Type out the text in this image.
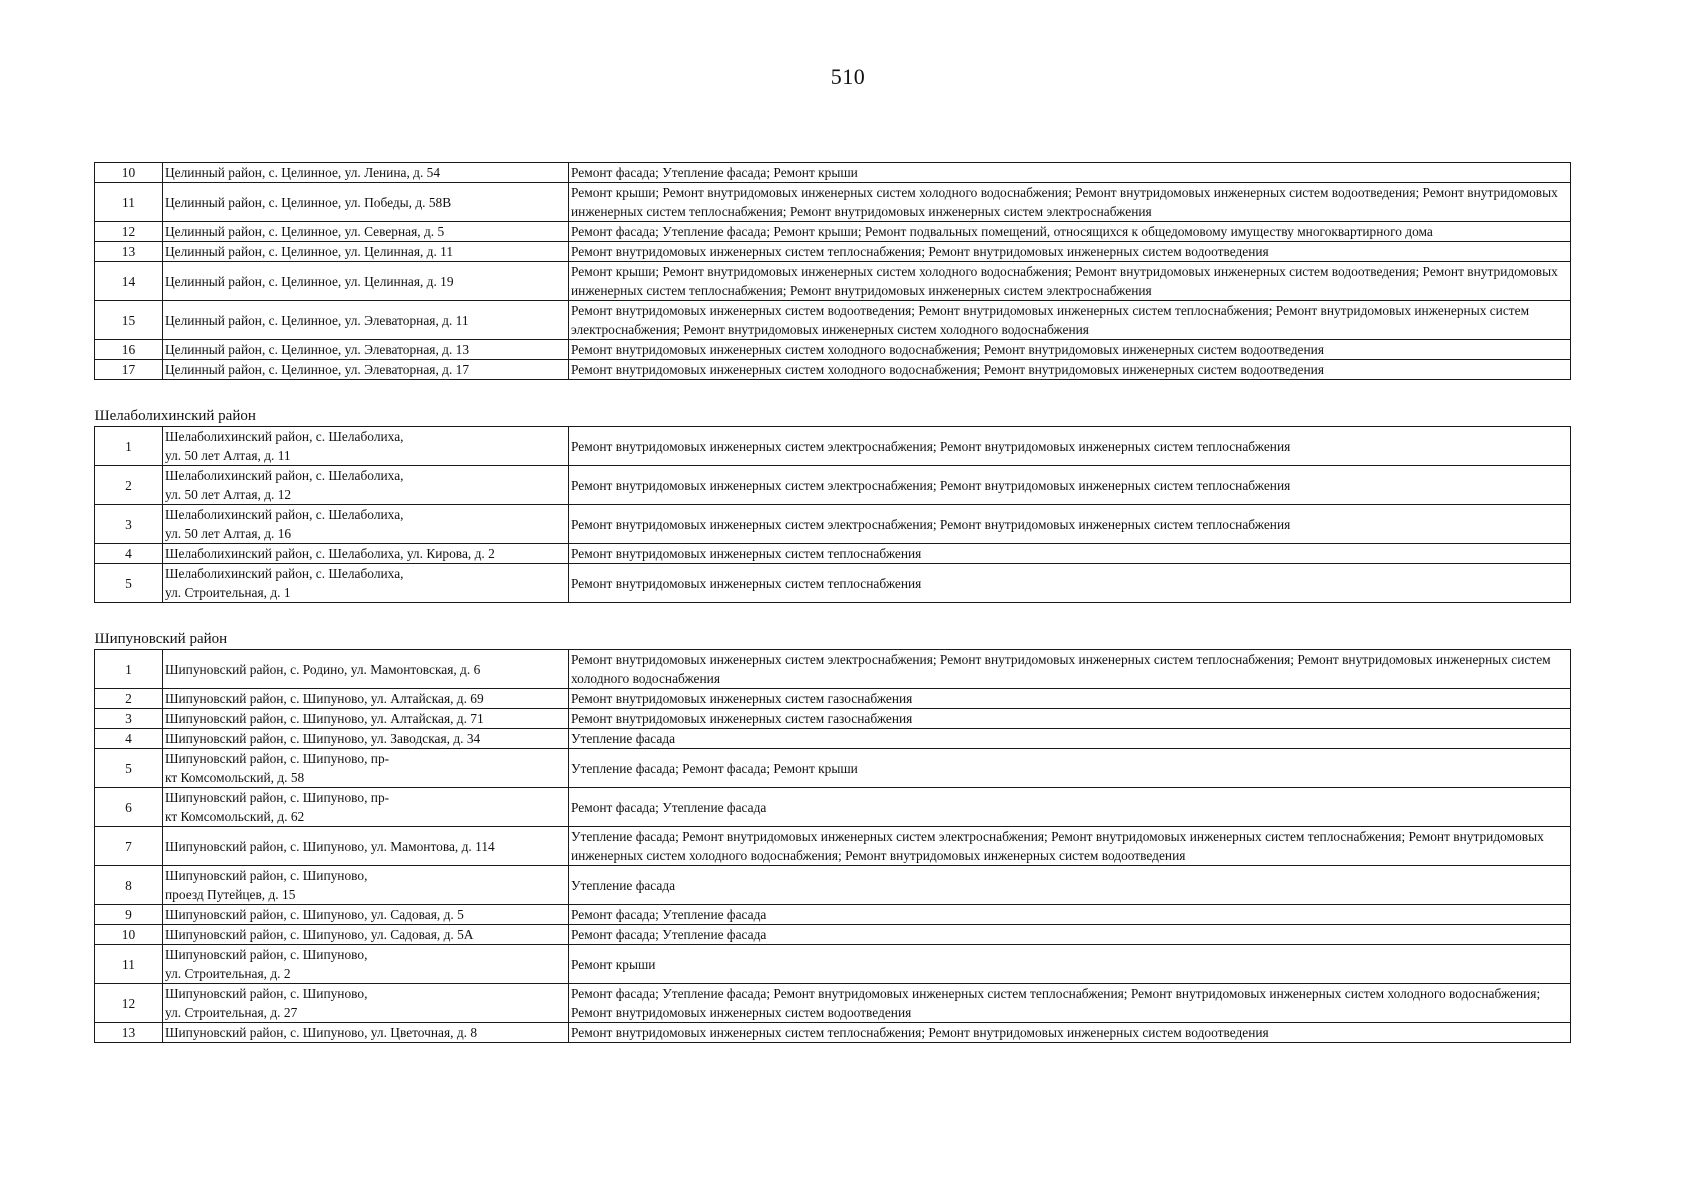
510
10	Целинный район, с. Целинное, ул. Ленина, д. 54	Ремонт фасада; Утепление фасада; Ремонт крыши
11	Целинный район, с. Целинное, ул. Победы, д. 58В	Ремонт крыши; Ремонт внутридомовых инженерных систем холодного водоснабжения; Ремонт внутридомовых инженерных систем водоотведения; Ремонт внутридомовых инженерных систем теплоснабжения; Ремонт внутридомовых инженерных систем электроснабжения
12	Целинный район, с. Целинное, ул. Северная, д. 5	Ремонт фасада; Утепление фасада; Ремонт крыши; Ремонт подвальных помещений, относящихся к общедомовому имуществу многоквартирного дома
13	Целинный район, с. Целинное, ул. Целинная, д. 11	Ремонт внутридомовых инженерных систем теплоснабжения; Ремонт внутридомовых инженерных систем водоотведения
14	Целинный район, с. Целинное, ул. Целинная, д. 19	Ремонт крыши; Ремонт внутридомовых инженерных систем холодного водоснабжения; Ремонт внутридомовых инженерных систем водоотведения; Ремонт внутридомовых инженерных систем теплоснабжения; Ремонт внутридомовых инженерных систем электроснабжения
15	Целинный район, с. Целинное, ул. Элеваторная, д. 11	Ремонт внутридомовых инженерных систем водоотведения; Ремонт внутридомовых инженерных систем теплоснабжения; Ремонт внутридомовых инженерных систем электроснабжения; Ремонт внутридомовых инженерных систем холодного водоснабжения
16	Целинный район, с. Целинное, ул. Элеваторная, д. 13	Ремонт внутридомовых инженерных систем холодного водоснабжения; Ремонт внутридомовых инженерных систем водоотведения
17	Целинный район, с. Целинное, ул. Элеваторная, д. 17	Ремонт внутридомовых инженерных систем холодного водоснабжения; Ремонт внутридомовых инженерных систем водоотведения

Шелаболихинский район		
1	Шелаболихинский район, с. Шелаболиха,
ул. 50 лет Алтая, д. 11	Ремонт внутридомовых инженерных систем электроснабжения; Ремонт внутридомовых инженерных систем теплоснабжения
2	Шелаболихинский район, с. Шелаболиха,
ул. 50 лет Алтая, д. 12	Ремонт внутридомовых инженерных систем электроснабжения; Ремонт внутридомовых инженерных систем теплоснабжения
3	Шелаболихинский район, с. Шелаболиха,
ул. 50 лет Алтая, д. 16	Ремонт внутридомовых инженерных систем электроснабжения; Ремонт внутридомовых инженерных систем теплоснабжения
4	Шелаболихинский район, с. Шелаболиха, ул. Кирова, д. 2	Ремонт внутридомовых инженерных систем теплоснабжения
5	Шелаболихинский район, с. Шелаболиха,
ул. Строительная, д. 1	Ремонт внутридомовых инженерных систем теплоснабжения

Шипуновский район		
1	Шипуновский район, с. Родино, ул. Мамонтовская, д. 6	Ремонт внутридомовых инженерных систем электроснабжения; Ремонт внутридомовых инженерных систем теплоснабжения; Ремонт внутридомовых инженерных систем холодного водоснабжения
2	Шипуновский район, с. Шипуново, ул. Алтайская, д. 69	Ремонт внутридомовых инженерных систем газоснабжения
3	Шипуновский район, с. Шипуново, ул. Алтайская, д. 71	Ремонт внутридомовых инженерных систем газоснабжения
4	Шипуновский район, с. Шипуново, ул. Заводская, д. 34	Утепление фасада
5	Шипуновский район, с. Шипуново, пр-
кт Комсомольский, д. 58	Утепление фасада; Ремонт фасада; Ремонт крыши
6	Шипуновский район, с. Шипуново, пр-
кт Комсомольский, д. 62	Ремонт фасада; Утепление фасада
7	Шипуновский район, с. Шипуново, ул. Мамонтова, д. 114	Утепление фасада; Ремонт внутридомовых инженерных систем электроснабжения; Ремонт внутридомовых инженерных систем теплоснабжения; Ремонт внутридомовых инженерных систем холодного водоснабжения; Ремонт внутридомовых инженерных систем водоотведения
8	Шипуновский район, с. Шипуново,
проезд Путейцев, д. 15	Утепление фасада
9	Шипуновский район, с. Шипуново, ул. Садовая, д. 5	Ремонт фасада; Утепление фасада
10	Шипуновский район, с. Шипуново, ул. Садовая, д. 5А	Ремонт фасада; Утепление фасада
11	Шипуновский район, с. Шипуново,
ул. Строительная, д. 2	Ремонт крыши
12	Шипуновский район, с. Шипуново,
ул. Строительная, д. 27	Ремонт фасада; Утепление фасада; Ремонт внутридомовых инженерных систем теплоснабжения; Ремонт внутридомовых инженерных систем холодного водоснабжения; Ремонт внутридомовых инженерных систем водоотведения
13	Шипуновский район, с. Шипуново, ул. Цветочная, д. 8	Ремонт внутридомовых инженерных систем теплоснабжения; Ремонт внутридомовых инженерных систем водоотведения
